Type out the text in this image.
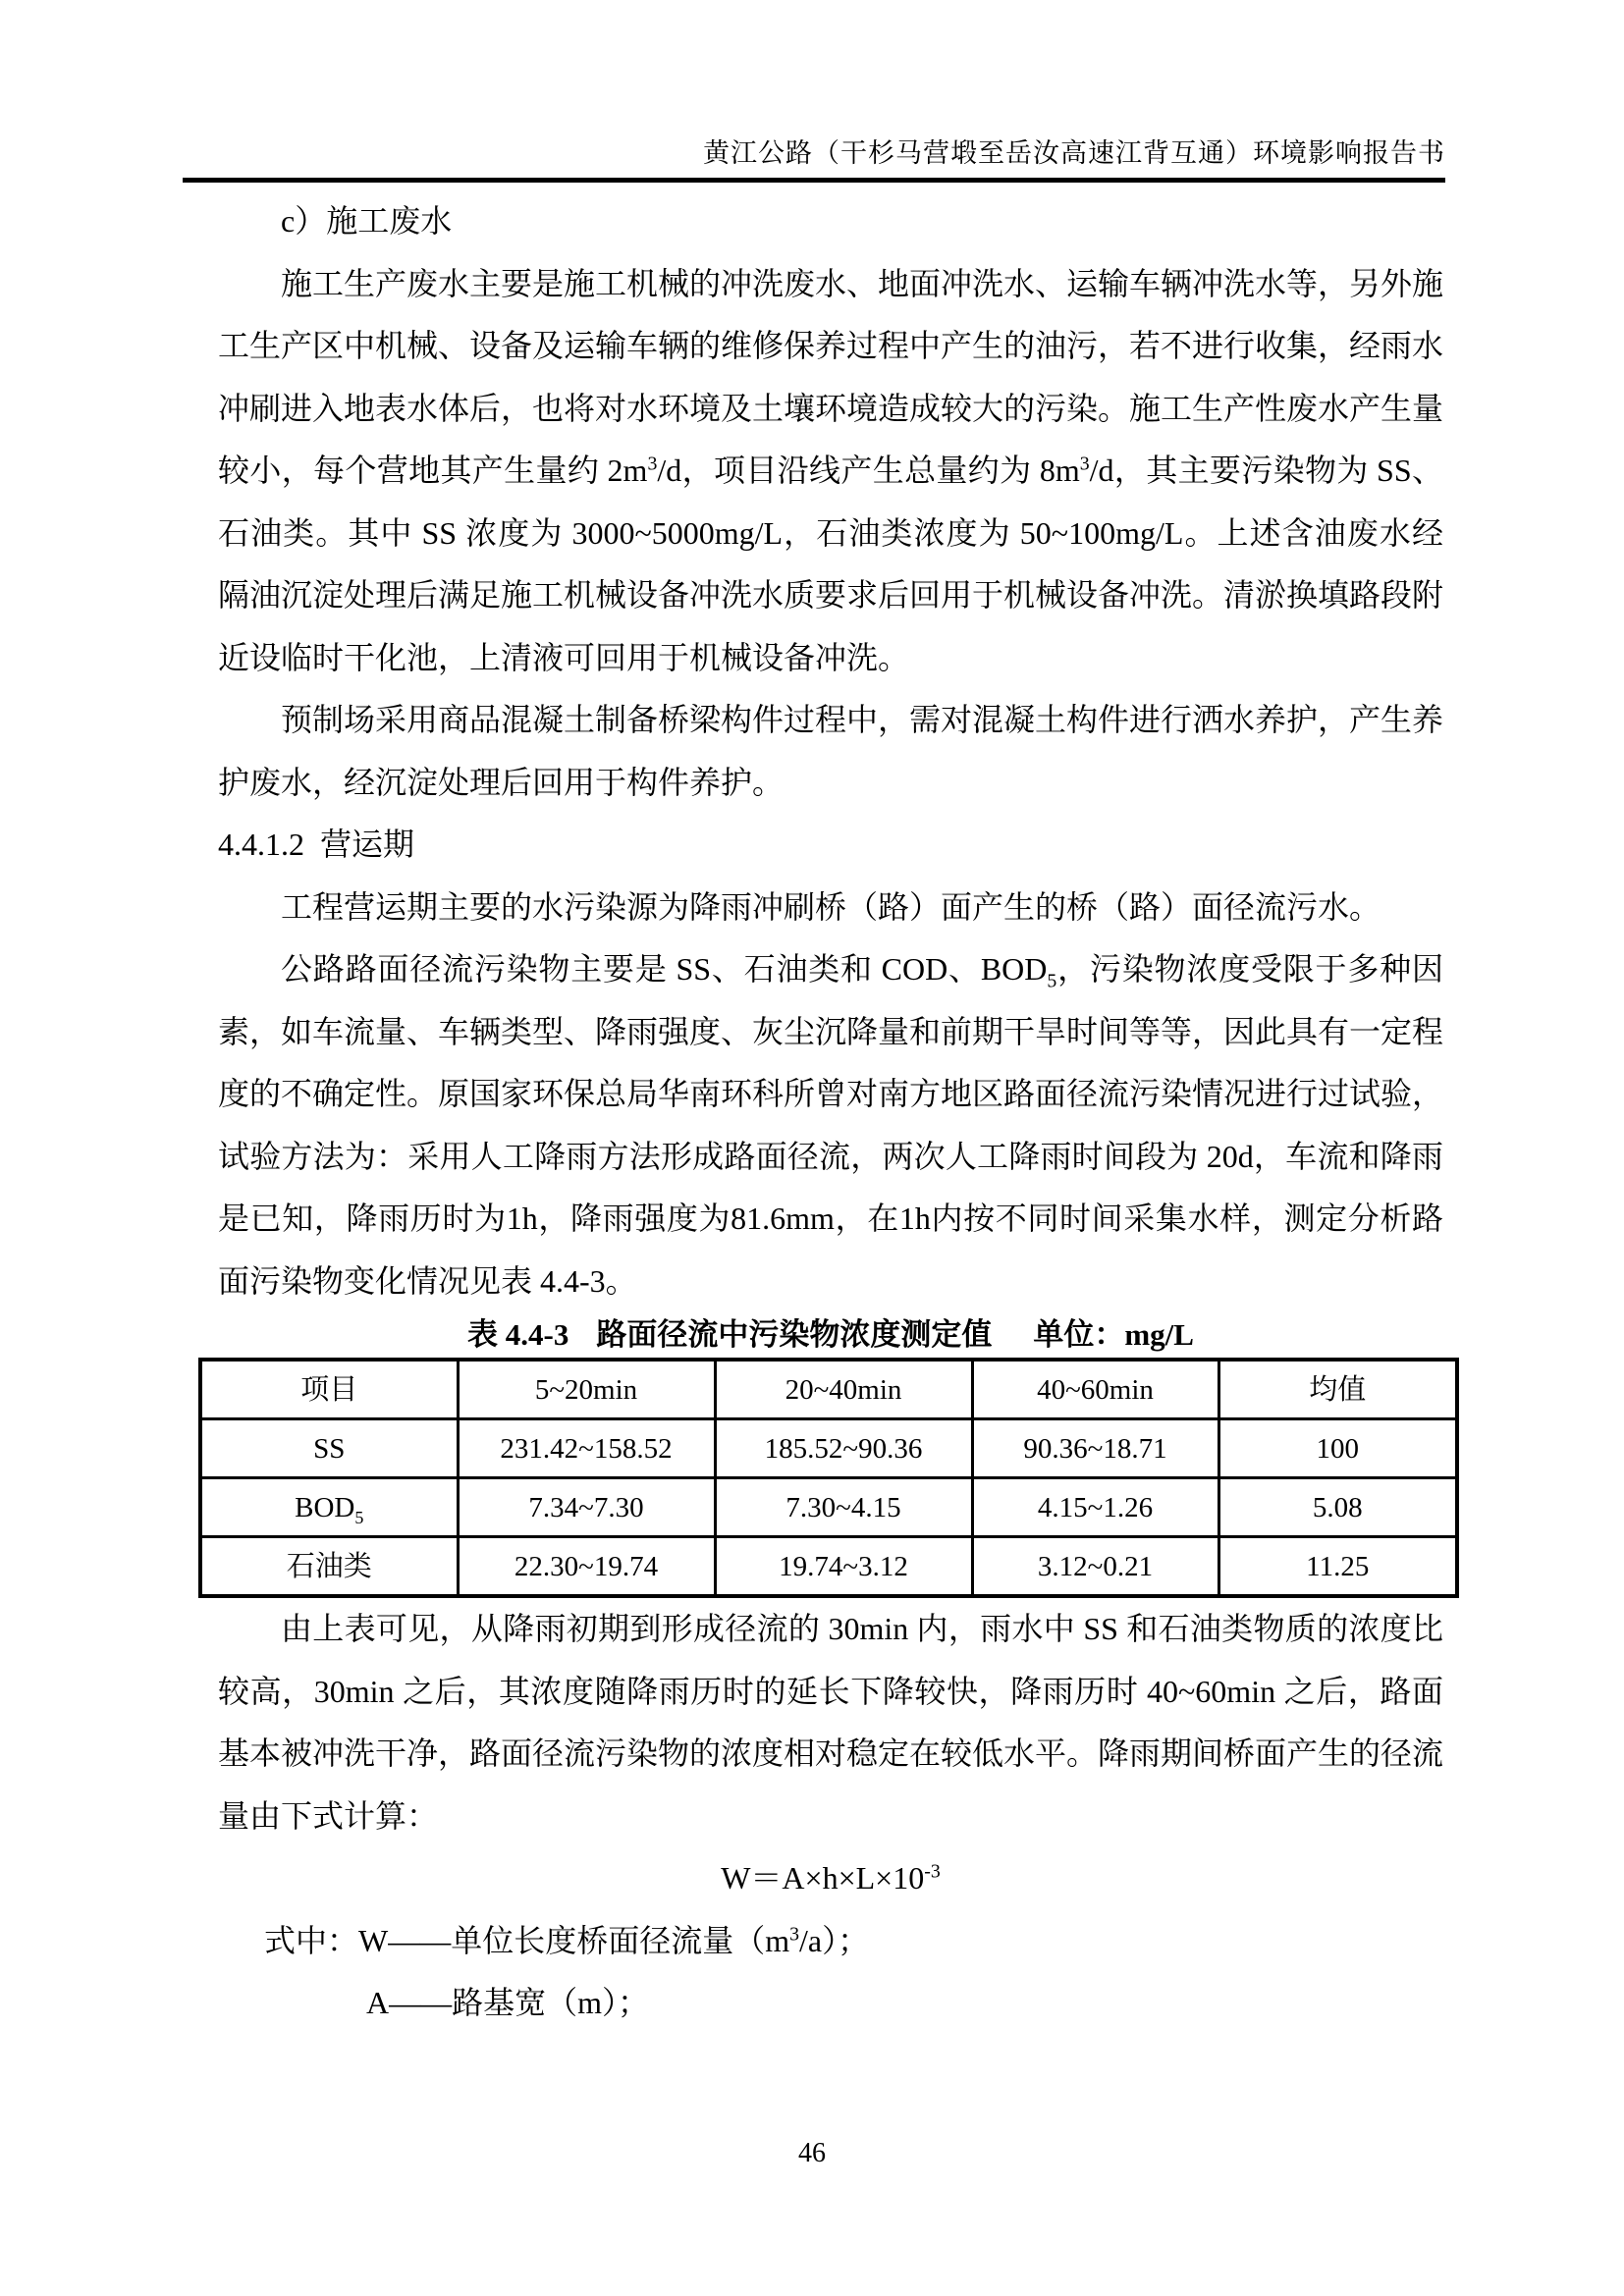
黄江公路（干杉马营塅至岳汝高速江背互通）环境影响报告书

c）施工废水

施工生产废水主要是施工机械的冲洗废水、地面冲洗水、运输车辆冲洗水等，另外施工生产区中机械、设备及运输车辆的维修保养过程中产生的油污，若不进行收集，经雨水冲刷进入地表水体后，也将对水环境及土壤环境造成较大的污染。施工生产性废水产生量较小，每个营地其产生量约 $2m^3/d$，项目沿线产生总量约为 $8m^3/d$，其主要污染物为 SS、石油类。其中 SS 浓度为 3000~5000mg/L，石油类浓度为 50~100mg/L。上述含油废水经隔油沉淀处理后满足施工机械设备冲洗水质要求后回用于机械设备冲洗。清淤换填路段附近设临时干化池，上清液可回用于机械设备冲洗。

预制场采用商品混凝土制备桥梁构件过程中，需对混凝土构件进行洒水养护，产生养护废水，经沉淀处理后回用于构件养护。

4.4.1.2  营运期

工程营运期主要的水污染源为降雨冲刷桥（路）面产生的桥（路）面径流污水。

公路路面径流污染物主要是 SS、石油类和 COD、$BOD_5$，污染物浓度受限于多种因素，如车流量、车辆类型、降雨强度、灰尘沉降量和前期干旱时间等等，因此具有一定程度的不确定性。原国家环保总局华南环科所曾对南方地区路面径流污染情况进行过试验，试验方法为：采用人工降雨方法形成路面径流，两次人工降雨时间段为 20d，车流和降雨是已知，降雨历时为1h，降雨强度为81.6mm，在1h内按不同时间采集水样，测定分析路面污染物变化情况见表 4.4-3。

表 4.4-3 路面径流中污染物浓度测定值 单位：mg/L

项目	5~20min	20~40min	40~60min	均值
SS	231.42~158.52	185.52~90.36	90.36~18.71	100
$BOD_5$	7.34~7.30	7.30~4.15	4.15~1.26	5.08
石油类	22.30~19.74	19.74~3.12	3.12~0.21	11.25

由上表可见，从降雨初期到形成径流的 30min 内，雨水中 SS 和石油类物质的浓度比较高，30min 之后，其浓度随降雨历时的延长下降较快，降雨历时 40~60min 之后，路面基本被冲洗干净，路面径流污染物的浓度相对稳定在较低水平。降雨期间桥面产生的径流量由下式计算：

$W=A\times h\times L\times 10^{-3}$

式中：W——单位长度桥面径流量$(m^3/a)$；

A——路基宽（m）；

46
